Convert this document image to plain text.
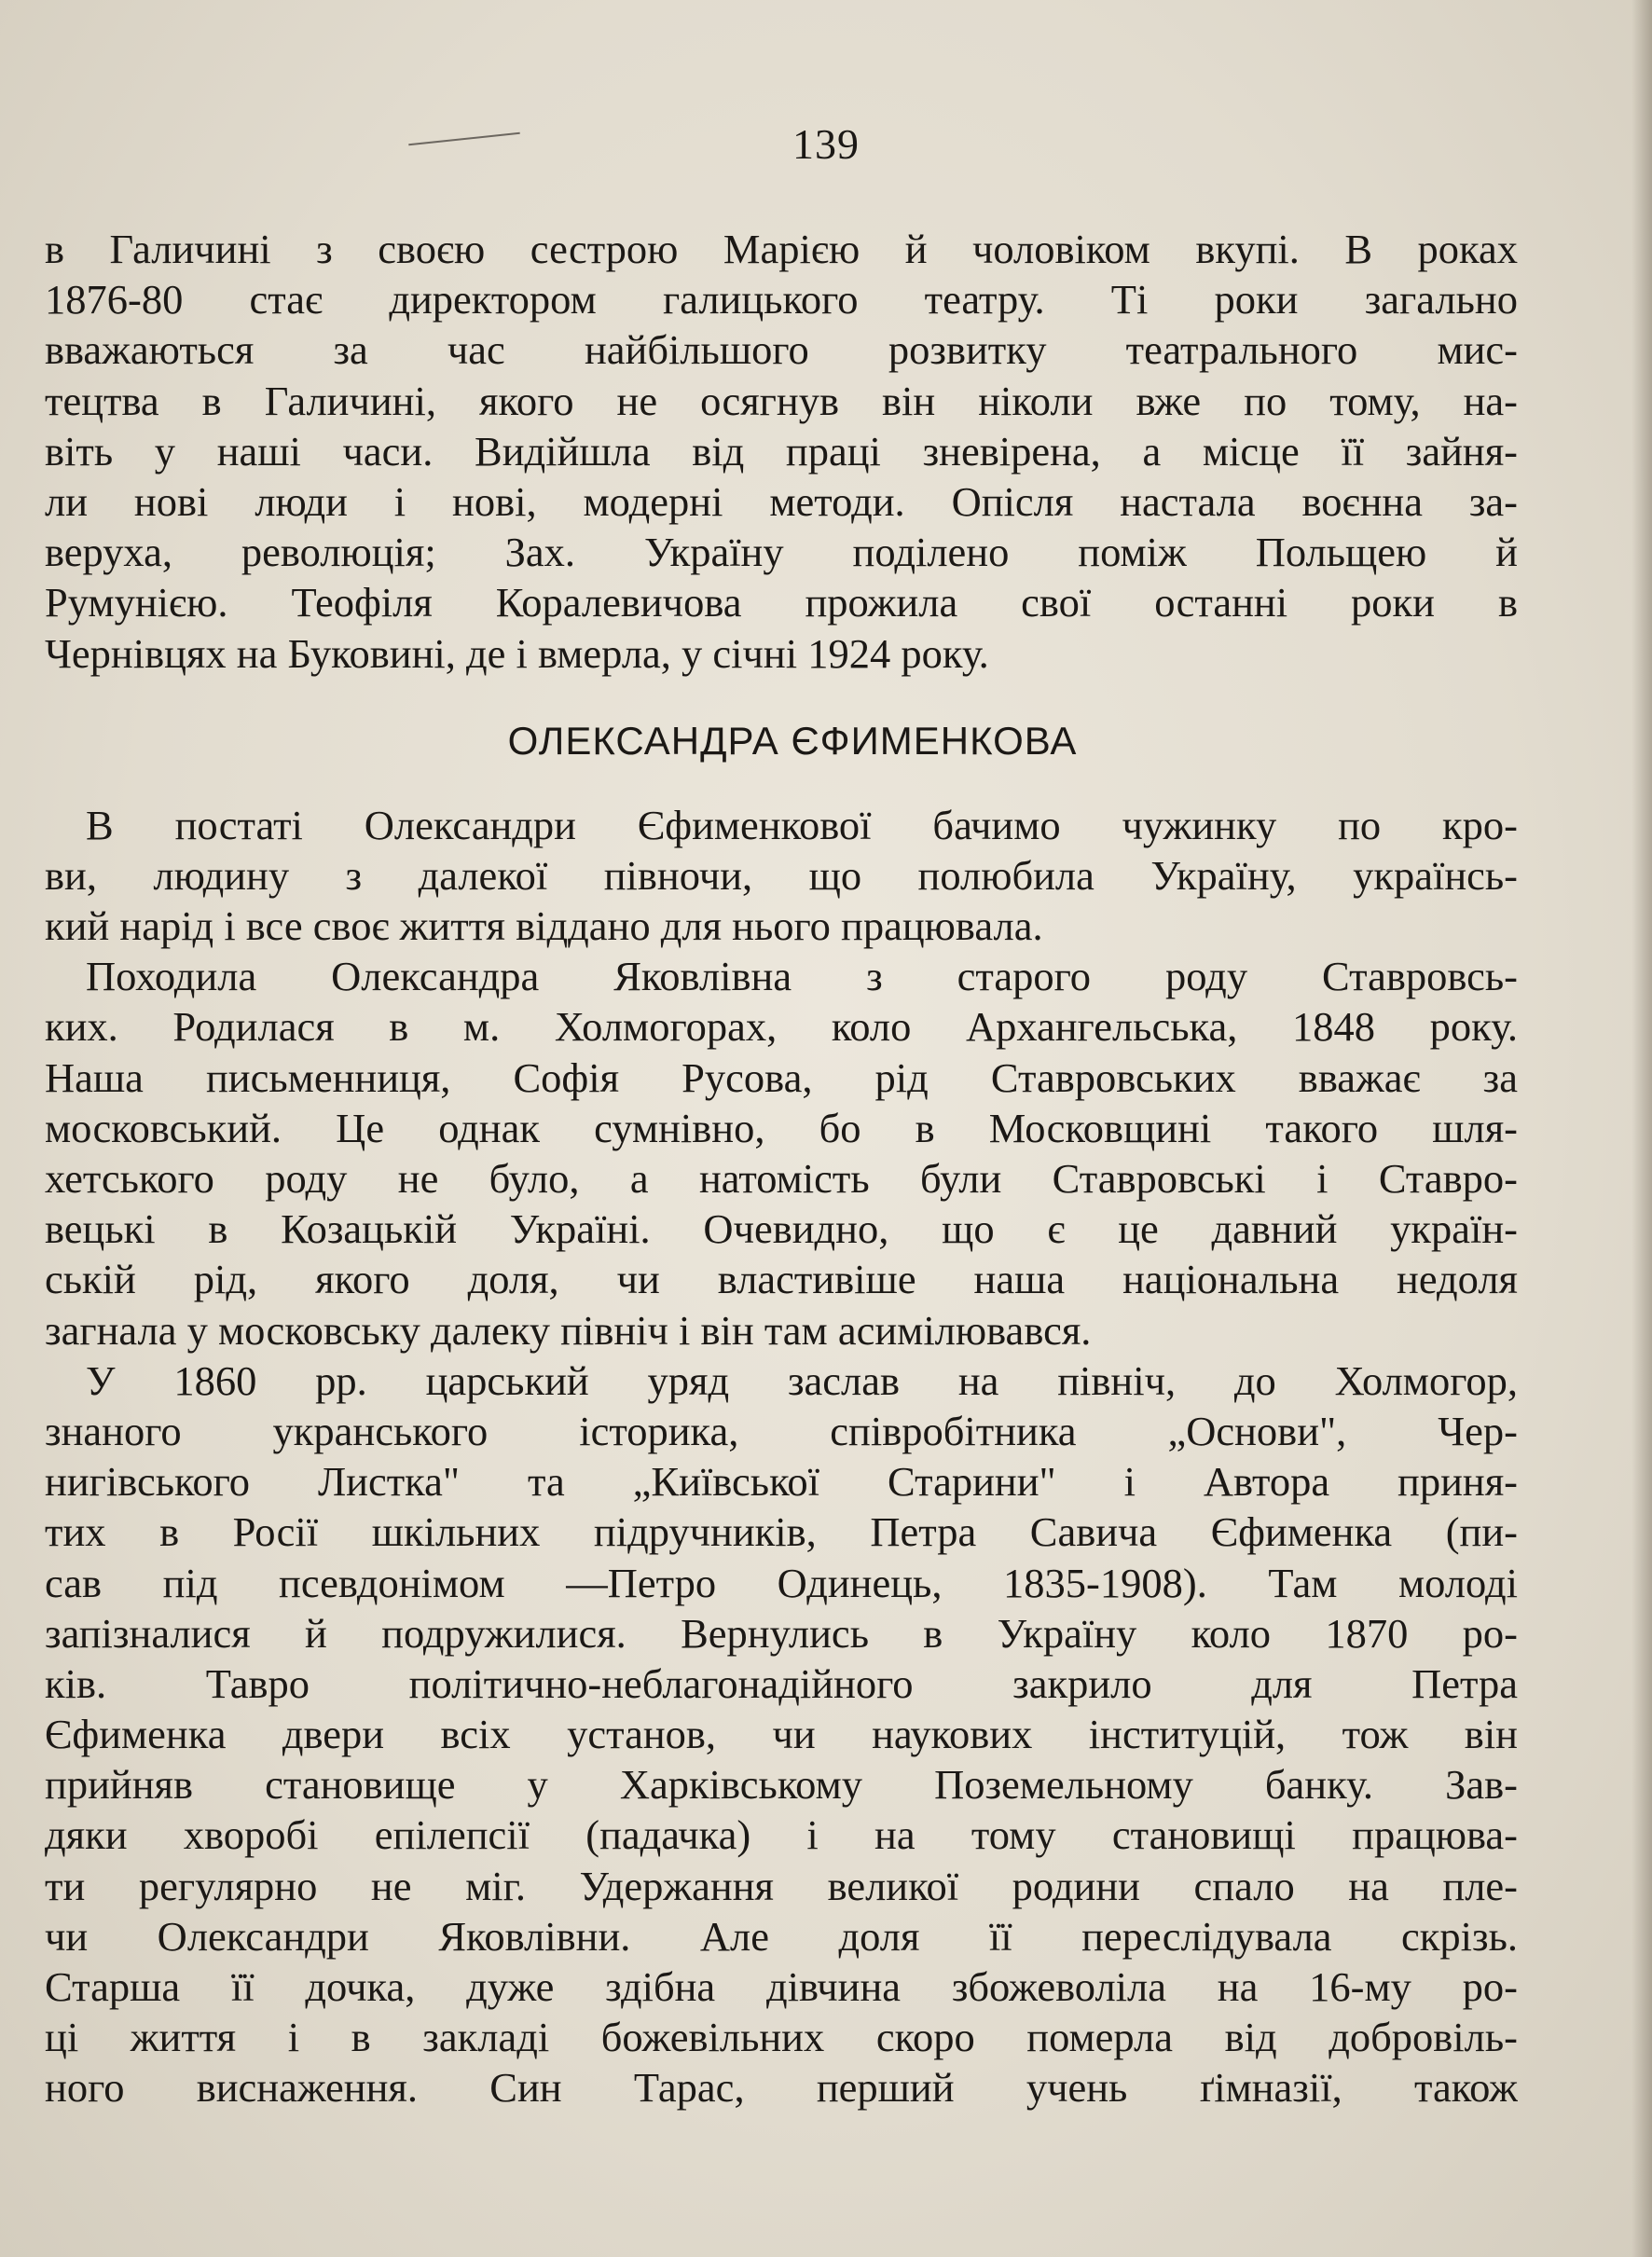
139
в Галичині з своєю сестрою Марією й чоловіком вкупі. В роках
1876-80 стає директором галицького театру. Ті роки загально
вважаються за час найбільшого розвитку театрального мис-
тецтва в Галичині, якого не осягнув він ніколи вже по тому, на-
віть у наші часи. Видійшла від праці зневірена, а місце її зайня-
ли нові люди і нові, модерні методи. Опісля настала воєнна за-
веруха, революція; Зах. Україну поділено поміж Польщею й
Румунією. Теофіля Коралевичова прожила свої останні роки в
Чернівцях на Буковині, де і вмерла, у січні 1924 року.
ОЛЕКСАНДРА ЄФИМЕНКОВА
В постаті Олександри Єфименкової бачимо чужинку по кро-
ви, людину з далекої півночи, що полюбила Україну, українсь-
кий нарід і все своє життя віддано для нього працювала.
Походила Олександра Яковлівна з старого роду Ставровсь-
ких. Родилася в м. Холмогорах, коло Архангельська, 1848 року.
Наша письменниця, Софія Русова, рід Ставровських вважає за
московський. Це однак сумнівно, бо в Московщині такого шля-
хетського роду не було, а натомість були Ставровські і Ставро-
вецькі в Козацькій Україні. Очевидно, що є це давний україн-
ській рід, якого доля, чи властивіше наша національна недоля
загнала у московську далеку північ і він там асимілювався.
У 1860 рр. царський уряд заслав на північ, до Холмогор,
знаного укранського історика, співробітника „Основи", Чер-
нигівського Листка" та „Київської Старини" і Автора приня-
тих в Росії шкільних підручників, Петра Савича Єфименка (пи-
сав під псевдонімом —Петро Одинець, 1835-1908). Там молоді
запізналися й подружилися. Вернулись в Україну коло 1870 ро-
ків. Тавро політично-неблагонадійного закрило для Петра
Єфименка двери всіх установ, чи наукових інституцій, тож він
прийняв становище у Харківському Поземельному банку. Зав-
дяки хворобі епілепсії (падачка) і на тому становищі працюва-
ти регулярно не міг. Удержання великої родини спало на пле-
чи Олександри Яковлівни. Але доля її переслідувала скрізь.
Старша її дочка, дуже здібна дівчина збожеволіла на 16-му ро-
ці життя і в закладі божевільних скоро померла від добровіль-
ного виснаження. Син Тарас, перший учень ґімназії, також
